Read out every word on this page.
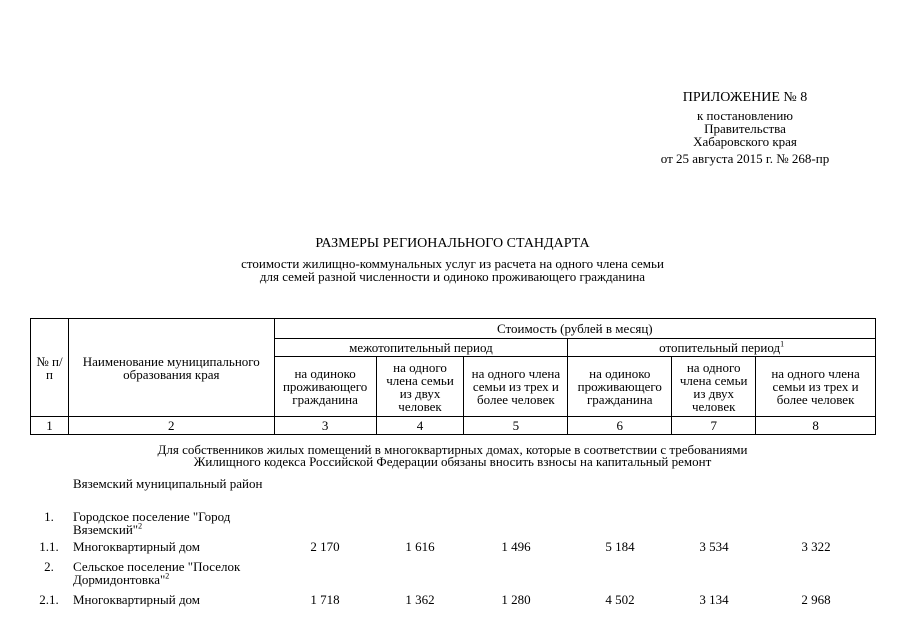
ПРИЛОЖЕНИЕ № 8
к постановлению
Правительства
Хабаровского края
от 25 августа 2015 г. № 268-пр
РАЗМЕРЫ РЕГИОНАЛЬНОГО СТАНДАРТА
стоимости жилищно-коммунальных услуг из расчета на одного члена семьи
для семей разной численности и одиноко проживающего гражданина
№ п/п	Наименование муниципального образования края	Стоимость (рублей в месяц)					
		межотопительный период			отопительный период$^1$
		на одиноко проживающего гражданина	на одного члена семьи из двух человек	на одного члена семьи из трех и более человек	на одиноко проживающего гражданина	на одного члена семьи из двух человек	на одного члена семьи из трех и более человек
1	2	3	4	5	6	7	8
Для собственников жилых помещений в многоквартирных домах, которые в соответствии с требованиями
Жилищного кодекса Российской Федерации обязаны вносить взносы на капитальный ремонт
Вяземский муниципальный район
1.	Городское поселение "Город Вяземский"$^2$
1.1.	Многоквартирный дом	2 170	1 616	1 496	5 184	3 534	3 322
2.	Сельское поселение "Поселок Дормидонтовка"$^2$
2.1.	Многоквартирный дом	1 718	1 362	1 280	4 502	3 134	2 968
